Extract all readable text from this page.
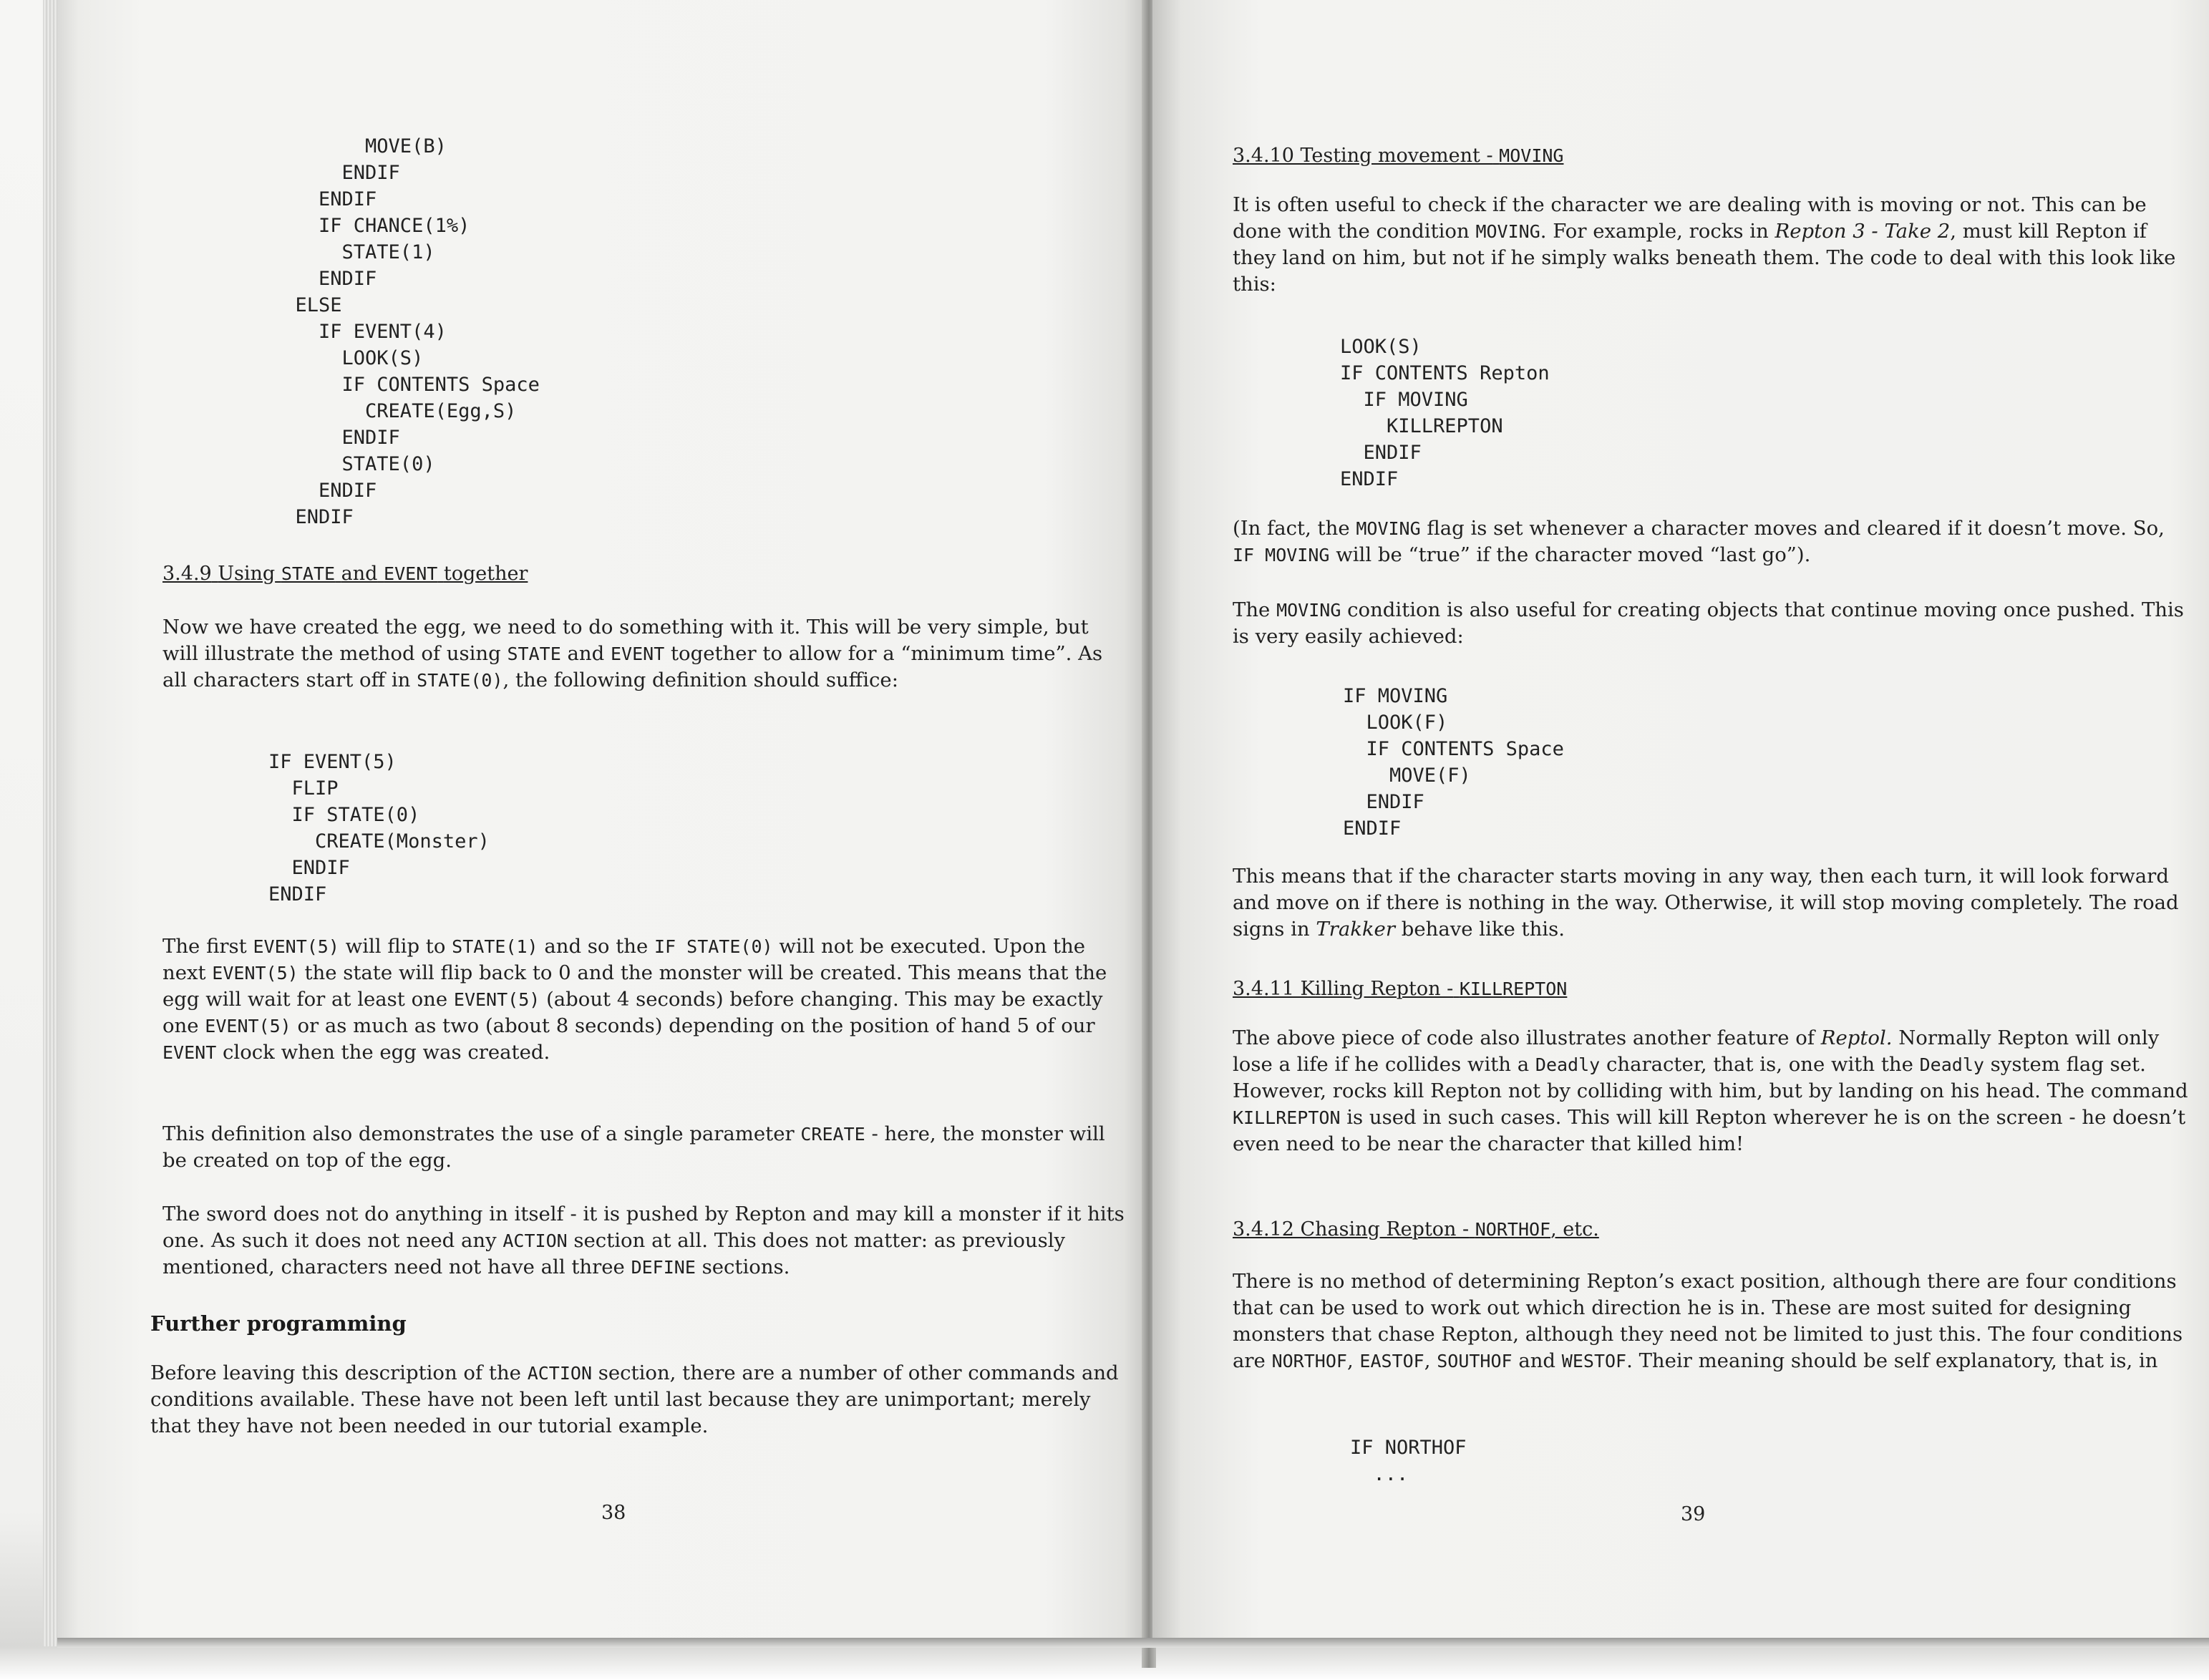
MOVE(B)
ENDIF
ENDIF
IF CHANCE(1%)
STATE(1)
ENDIF
ELSE
IF EVENT(4)
LOOK(S)
IF CONTENTS Space
CREATE(Egg,S)
ENDIF
STATE(0)
ENDIF
ENDIF
3.4.9 Using STATE and EVENT together

Now we have created the egg, we need to do something with it. This will be very simple, but will illustrate the method of using STATE and EVENT together to allow for a “minimum time”. As all characters start off in STATE(0), the following definition should suffice:

IF EVENT(5)
FLIP
IF STATE(0)
CREATE(Monster)
ENDIF
ENDIF

The first EVENT(5) will flip to STATE(1) and so the IF STATE(0) will not be executed. Upon the next EVENT(5) the state will flip back to 0 and the monster will be created. This means that the egg will wait for at least one EVENT(5) (about 4 seconds) before changing. This may be exactly one EVENT(5) or as much as two (about 8 seconds) depending on the position of hand 5 of our EVENT clock when the egg was created.

This definition also demonstrates the use of a single parameter CREATE - here, the monster will be created on top of the egg.

The sword does not do anything in itself - it is pushed by Repton and may kill a monster if it hits one. As such it does not need any ACTION section at all. This does not matter: as previously mentioned, characters need not have all three DEFINE sections.

Further programming

Before leaving this description of the ACTION section, there are a number of other commands and conditions available. These have not been left until last because they are unimportant; merely that they have not been needed in our tutorial example.

38
3.4.10 Testing movement - MOVING

It is often useful to check if the character we are dealing with is moving or not. This can be done with the condition MOVING. For example, rocks in Repton 3 - Take 2, must kill Repton if they land on him, but not if he simply walks beneath them. The code to deal with this look like this:

LOOK(S)
IF CONTENTS Repton
IF MOVING
KILLREPTON
ENDIF
ENDIF

(In fact, the MOVING flag is set whenever a character moves and cleared if it doesn’t move. So, IF MOVING will be “true” if the character moved “last go”).

The MOVING condition is also useful for creating objects that continue moving once pushed. This is very easily achieved:

IF MOVING
LOOK(F)
IF CONTENTS Space
MOVE(F)
ENDIF
ENDIF

This means that if the character starts moving in any way, then each turn, it will look forward and move on if there is nothing in the way. Otherwise, it will stop moving completely. The road signs in Trakker behave like this.

3.4.11 Killing Repton - KILLREPTON

The above piece of code also illustrates another feature of Reptol. Normally Repton will only lose a life if he collides with a Deadly character, that is, one with the Deadly system flag set. However, rocks kill Repton not by colliding with him, but by landing on his head. The command KILLREPTON is used in such cases. This will kill Repton wherever he is on the screen - he doesn’t even need to be near the character that killed him!

3.4.12 Chasing Repton - NORTHOF, etc.

There is no method of determining Repton’s exact position, although there are four conditions that can be used to work out which direction he is in. These are most suited for designing monsters that chase Repton, although they need not be limited to just this. The four conditions are NORTHOF, EASTOF, SOUTHOF and WESTOF. Their meaning should be self explanatory, that is, in

IF NORTHOF
...
39
